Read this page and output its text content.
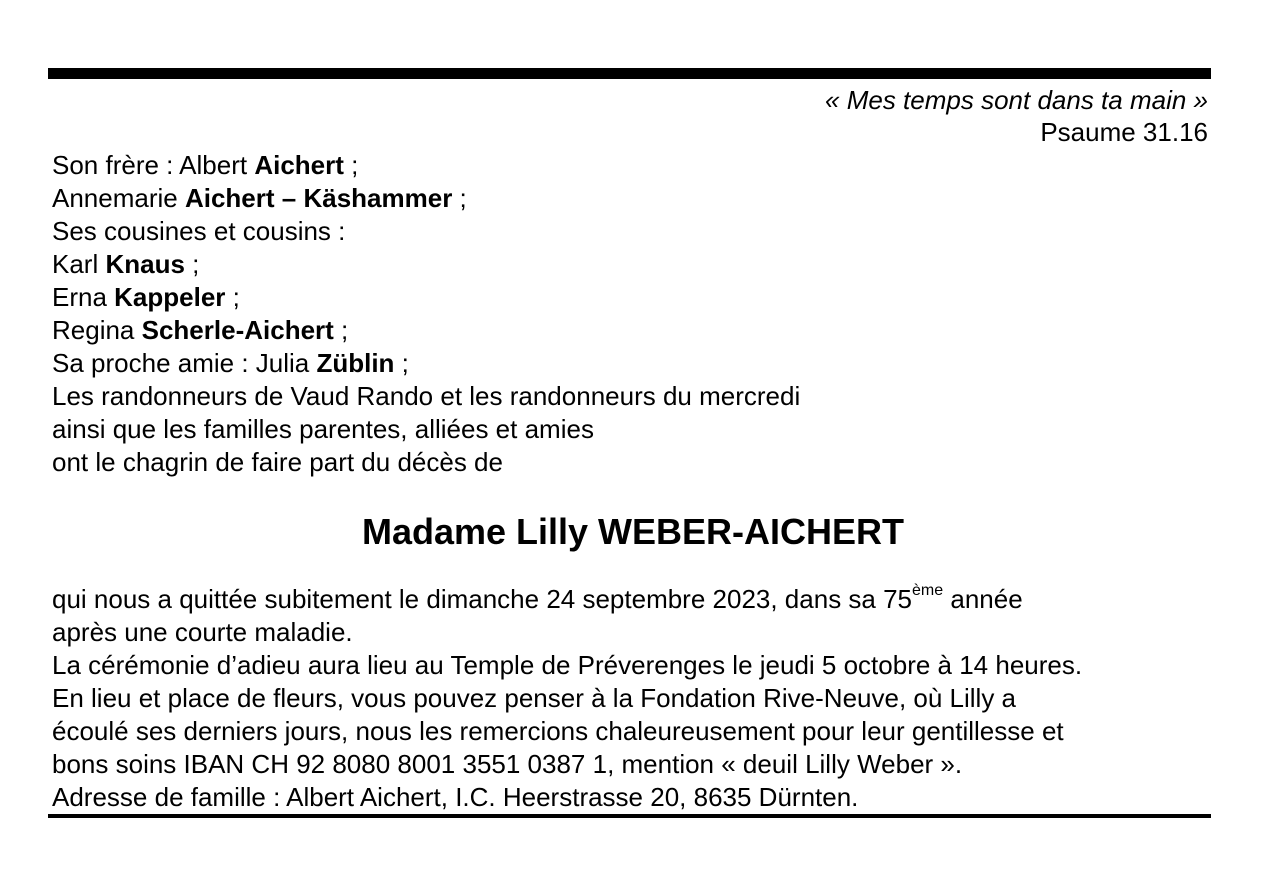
« Mes temps sont dans ta main »
Psaume 31.16
Son frère : Albert Aichert ;
Annemarie Aichert – Käshammer ;
Ses cousines et cousins :
Karl Knaus ;
Erna Kappeler ;
Regina Scherle-Aichert ;
Sa proche amie : Julia Züblin ;
Les randonneurs de Vaud Rando et les randonneurs du mercredi
ainsi que les familles parentes, alliées et amies
ont le chagrin de faire part du décès de
Madame Lilly WEBER-AICHERT
qui nous a quittée subitement le dimanche 24 septembre 2023, dans sa 75ème année
après une courte maladie.
La cérémonie d’adieu aura lieu au Temple de Préverenges le jeudi 5 octobre à 14 heures.
En lieu et place de fleurs, vous pouvez penser à la Fondation Rive-Neuve, où Lilly a
écoulé ses derniers jours, nous les remercions chaleureusement pour leur gentillesse et
bons soins IBAN CH 92 8080 8001 3551 0387 1, mention « deuil Lilly Weber ».
Adresse de famille : Albert Aichert, I.C. Heerstrasse 20, 8635 Dürnten.
